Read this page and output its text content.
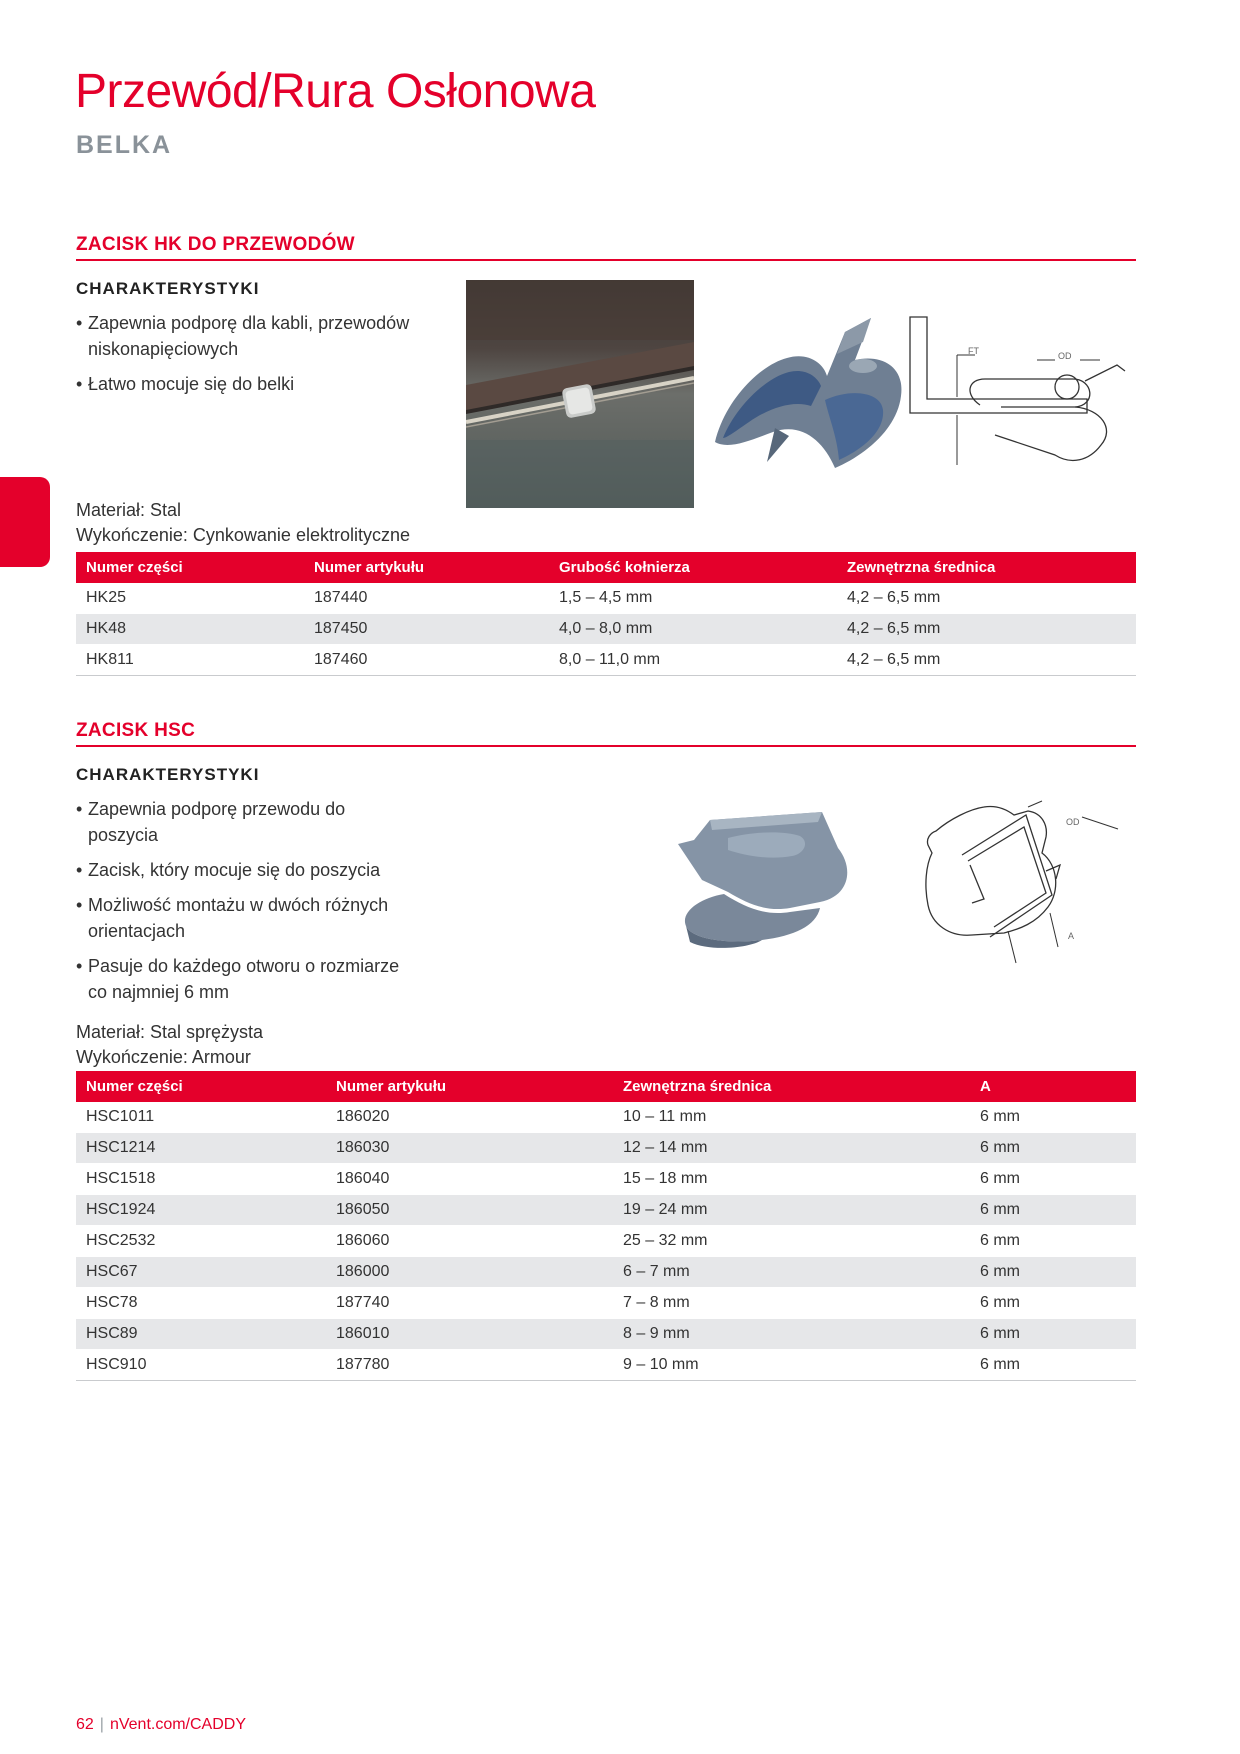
Przewód/Rura Osłonowa
BELKA
ZACISK HK DO PRZEWODÓW
CHARAKTERYSTYKI
• Zapewnia podporę dla kabli, przewodów niskonapięciowych
• Łatwo mocuje się do belki
Materiał: Stal
Wykończenie: Cynkowanie elektrolityczne
FT	OD
Numer części	Numer artykułu	Grubość kołnierza	Zewnętrzna średnica
HK25	187440	1,5 – 4,5 mm	4,2 – 6,5 mm
HK48	187450	4,0 – 8,0 mm	4,2 – 6,5 mm
HK811	187460	8,0 – 11,0 mm	4,2 – 6,5 mm
ZACISK HSC
CHARAKTERYSTYKI
• Zapewnia podporę przewodu do poszycia
• Zacisk, który mocuje się do poszycia
• Możliwość montażu w dwóch różnych orientacjach
• Pasuje do każdego otworu o rozmiarze co najmniej 6 mm
Materiał: Stal sprężysta
Wykończenie: Armour
OD
A
Numer części	Numer artykułu	Zewnętrzna średnica	A
HSC1011	186020	10 – 11 mm	6 mm
HSC1214	186030	12 – 14 mm	6 mm
HSC1518	186040	15 – 18 mm	6 mm
HSC1924	186050	19 – 24 mm	6 mm
HSC2532	186060	25 – 32 mm	6 mm
HSC67	186000	6 – 7 mm	6 mm
HSC78	187740	7 – 8 mm	6 mm
HSC89	186010	8 – 9 mm	6 mm
HSC910	187780	9 – 10 mm	6 mm
62 | nVent.com/CADDY
